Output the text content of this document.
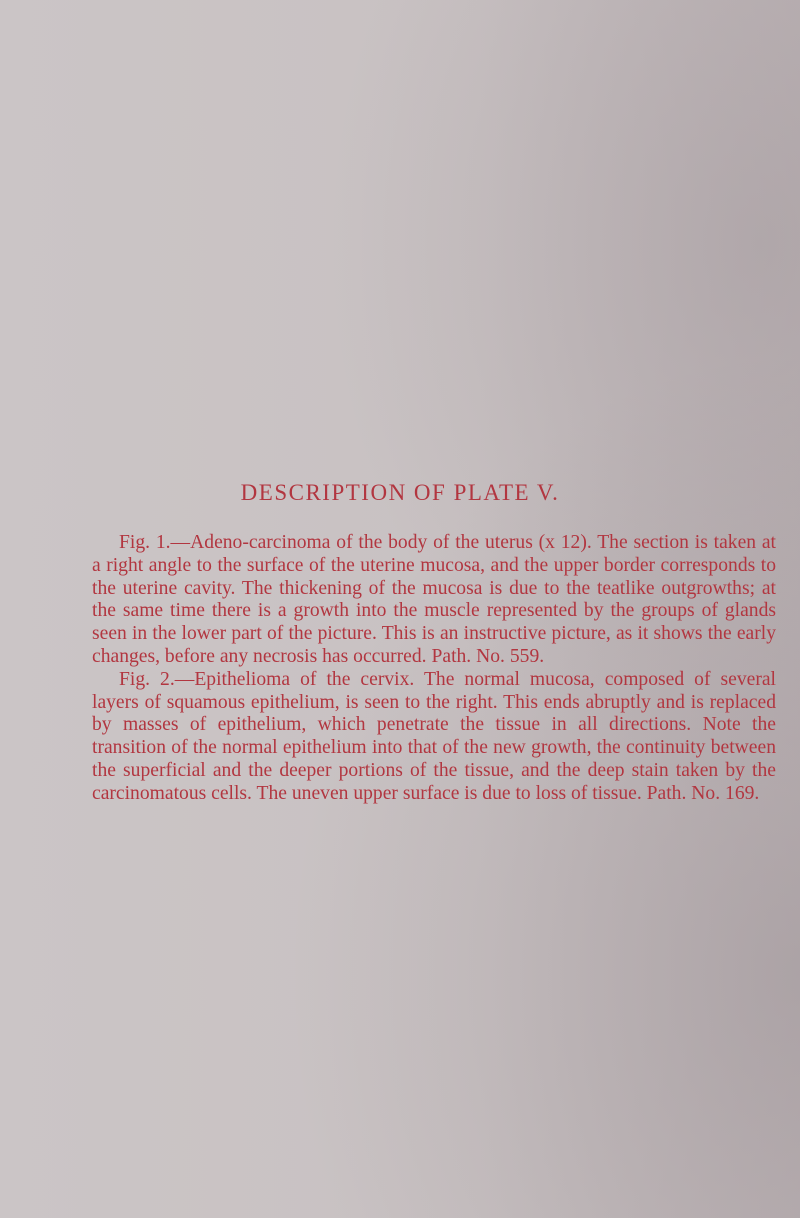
DESCRIPTION OF PLATE V.

Fig. 1.—Adeno-carcinoma of the body of the uterus (x 12). The section is taken at a right angle to the surface of the uterine mucosa, and the upper border corresponds to the uterine cavity. The thickening of the mucosa is due to the teatlike outgrowths; at the same time there is a growth into the muscle represented by the groups of glands seen in the lower part of the picture. This is an instructive picture, as it shows the early changes, before any necrosis has occurred. Path. No. 559.

Fig. 2.—Epithelioma of the cervix. The normal mucosa, composed of several layers of squamous epithelium, is seen to the right. This ends abruptly and is replaced by masses of epithelium, which penetrate the tissue in all directions. Note the transition of the normal epithelium into that of the new growth, the continuity between the superficial and the deeper portions of the tissue, and the deep stain taken by the carcinomatous cells. The uneven upper surface is due to loss of tissue. Path. No. 169.
